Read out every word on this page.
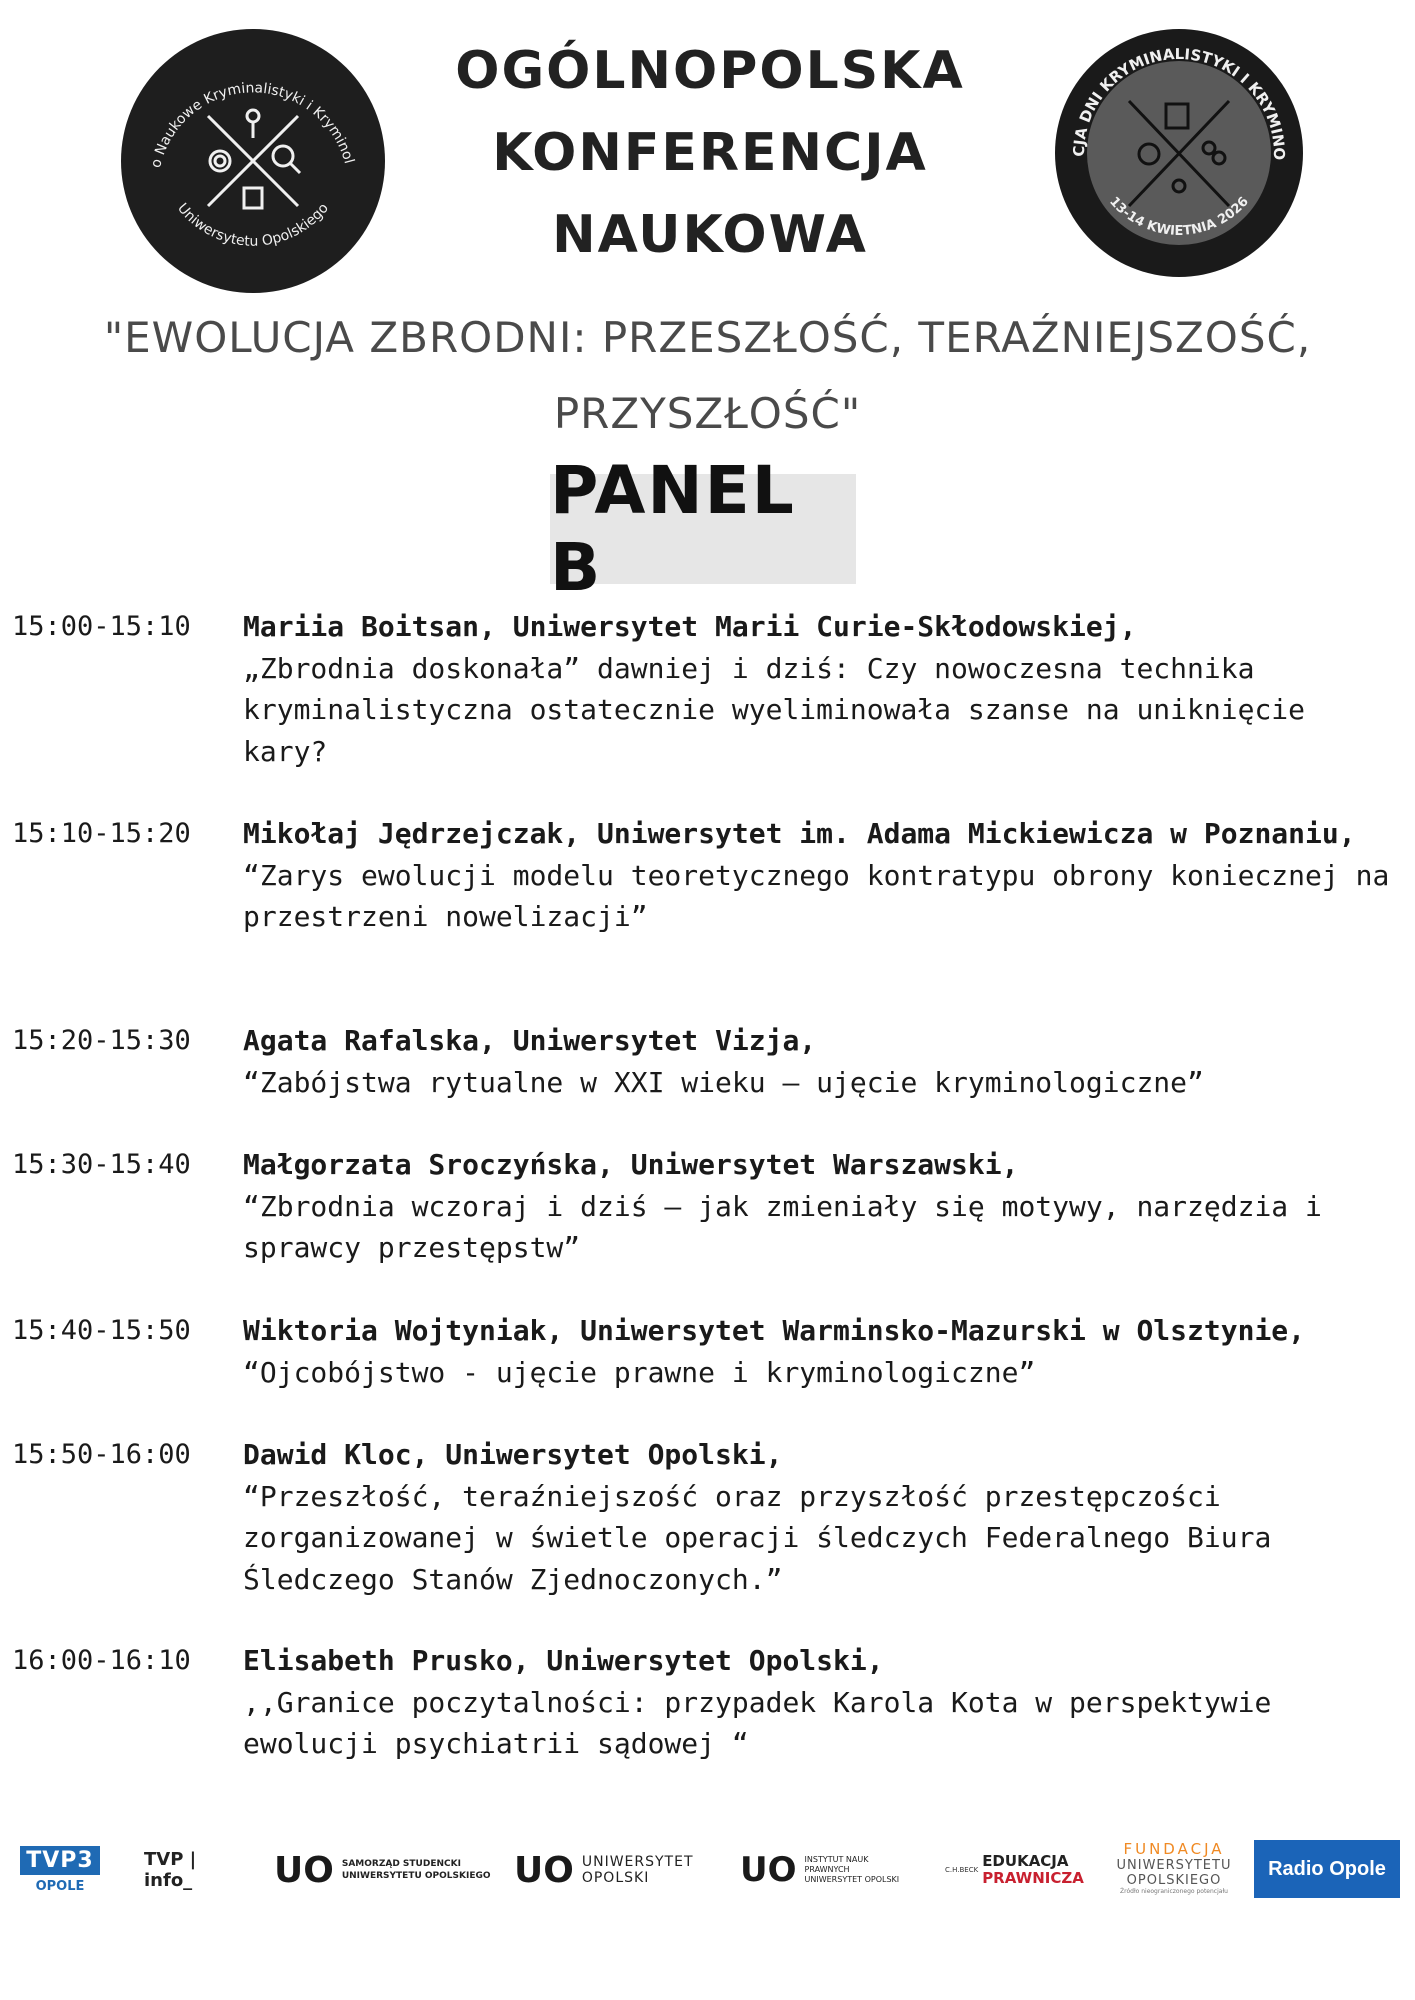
o Naukowe Kryminalistyki i Kryminol
Uniwersytetu Opolskiego
OGÓLNOPOLSKA
KONFERENCJA
NAUKOWA
CJA DNI KRYMINALISTYKI I KRYMINO
13-14 KWIETNIA 2026
"EWOLUCJA ZBRODNI: PRZESZŁOŚĆ, TERAŹNIEJSZOŚĆ,
PRZYSZŁOŚĆ"
PANEL B
15:00-15:10	Mariia Boitsan, Uniwersytet Marii Curie-Skłodowskiej,
„Zbrodnia doskonała” dawniej i dziś: Czy nowoczesna technika kryminalistyczna ostatecznie wyeliminowała szanse na uniknięcie kary?
15:10-15:20	Mikołaj Jędrzejczak, Uniwersytet im. Adama Mickiewicza w Poznaniu,
“Zarys ewolucji modelu teoretycznego kontratypu obrony koniecznej na przestrzeni nowelizacji”
15:20-15:30	Agata Rafalska, Uniwersytet Vizja,
“Zabójstwa rytualne w XXI wieku – ujęcie kryminologiczne”
15:30-15:40	Małgorzata Sroczyńska, Uniwersytet Warszawski,
“Zbrodnia wczoraj i dziś – jak zmieniały się motywy, narzędzia i sprawcy przestępstw”
15:40-15:50	Wiktoria Wojtyniak, Uniwersytet Warminsko-Mazurski w Olsztynie,
“Ojcobójstwo - ujęcie prawne i kryminologiczne”
15:50-16:00	Dawid Kloc, Uniwersytet Opolski,
“Przeszłość, teraźniejszość oraz przyszłość przestępczości zorganizowanej w świetle operacji śledczych Federalnego Biura Śledczego Stanów Zjednoczonych.”
16:00-16:10	Elisabeth Prusko, Uniwersytet Opolski,
,,Granice poczytalności: przypadek Karola Kota w perspektywie ewolucji psychiatrii sądowej “
TVP3
OPOLE
TVP | info_	UO SAMORZĄD STUDENCKI
UNIWERSYTETU OPOLSKIEGO UO UNIWERSYTET
OPOLSKI	UO INSTYTUT NAUK
PRAWNYCH
UNIWERSYTET OPOLSKI
C.H.BECK EDUKACJA
PRAWNICZA
FUNDACJA
UNIWERSYTETU
OPOLSKIEGO
Źródło nieograniczonego potencjału
Radio Opole
